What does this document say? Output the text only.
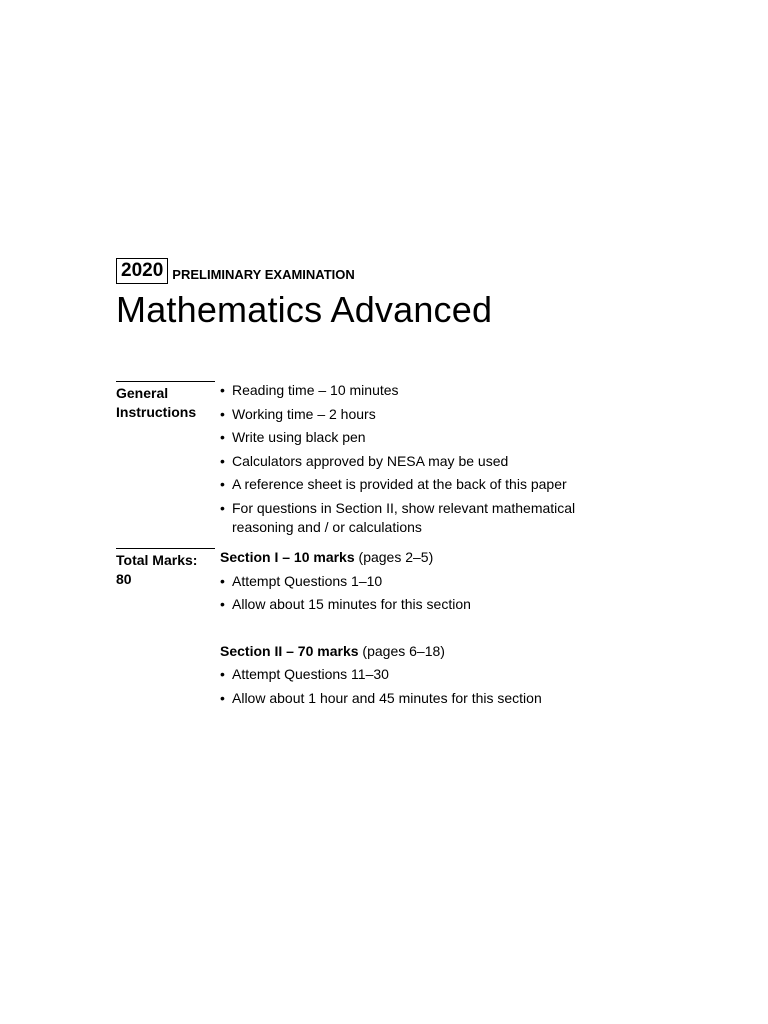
2020 PRELIMINARY EXAMINATION
Mathematics Advanced
General
Instructions
• Reading time – 10 minutes
• Working time – 2 hours
• Write using black pen
• Calculators approved by NESA may be used
• A reference sheet is provided at the back of this paper
• For questions in Section II, show relevant mathematical reasoning and / or calculations
Total Marks:
80
Section I – 10 marks (pages 2–5)
• Attempt Questions 1–10
• Allow about 15 minutes for this section
Section II – 70 marks (pages 6–18)
• Attempt Questions 11–30
• Allow about 1 hour and 45 minutes for this section
